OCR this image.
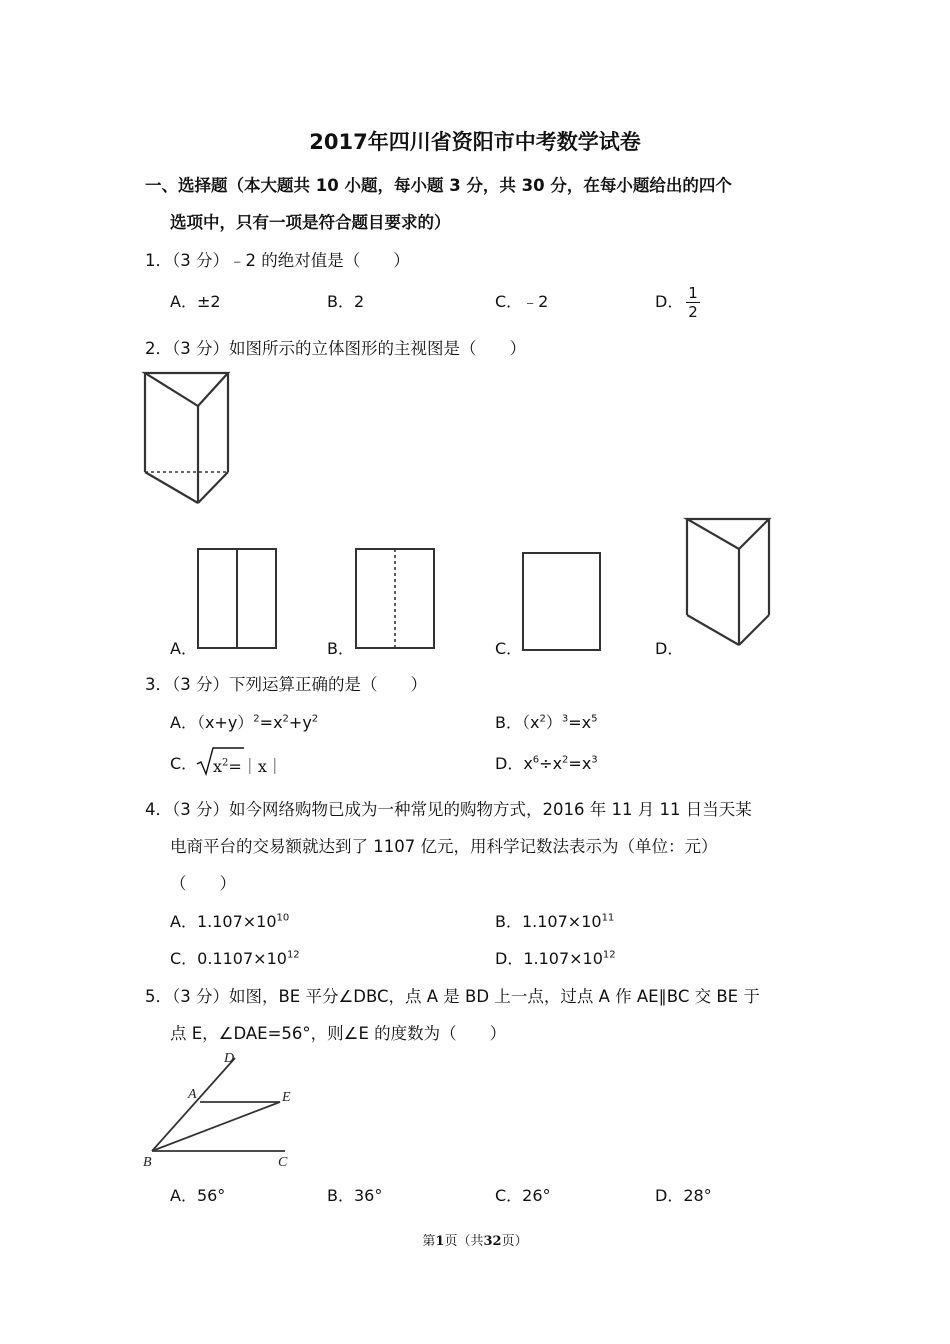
2017年四川省资阳市中考数学试卷
一、选择题（本大题共 10 小题，每小题 3 分，共 30 分，在每小题给出的四个
选项中，只有一项是符合题目要求的）
1．（3 分）﹣2 的绝对值是（　　）
A．±2	B．2	C．﹣2	D． 1
2
2．（3 分）如图所示的立体图形的主视图是（　　）
A．	B．	C．	D．
3．（3 分）下列运算正确的是（　　）
A．$(x+y)^2=x^2+y^2$	B．$(x^2)^3=x^5$
C． $x^2=|x|$	D．$x^6\div x^2=x^3$
4．（3 分）如今网络购物已成为一种常见的购物方式，2016 年 11 月 11 日当天某
电商平台的交易额就达到了 1107 亿元，用科学记数法表示为（单位：元）
（　　）
A．$1.107\times 10^{10}$	B．$1.107\times 10^{11}$
C．$0.1107\times 10^{12}$	D．$1.107\times 10^{12}$
5．（3 分）如图，BE 平分∠DBC，点 A 是 BD 上一点，过点 A 作 AE∥BC 交 BE 于
点 E，∠DAE=56°，则∠E 的度数为（　　）
D
A	E
B	C
A．56°	B．36°	C．26°	D．28°
第1页（共32页）
